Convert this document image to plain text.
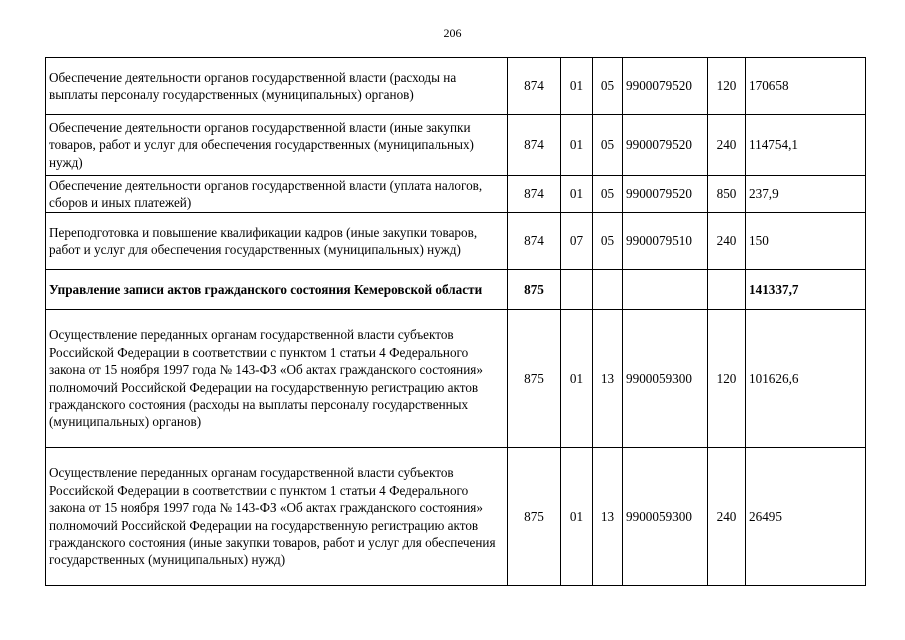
206
Обеспечение деятельности органов государственной власти (расходы на выплаты персоналу государственных (муниципальных) органов)	874	01	05	9900079520	120	170658
Обеспечение деятельности органов государственной власти (иные закупки товаров, работ и услуг для обеспечения государственных (муниципальных) нужд)	874	01	05	9900079520	240	114754,1
Обеспечение деятельности органов государственной власти (уплата налогов, сборов и иных платежей)	874	01	05	9900079520	850	237,9
Переподготовка и повышение квалификации кадров (иные закупки товаров, работ и услуг для обеспечения государственных (муниципальных) нужд)	874	07	05	9900079510	240	150
Управление записи актов гражданского состояния Кемеровской области	875					141337,7
Осуществление переданных органам государственной власти субъектов Российской Федерации в соответствии с пунктом 1 статьи 4 Федерального закона от 15 ноября 1997 года № 143-ФЗ «Об актах гражданского состояния» полномочий Российской Федерации на государственную регистрацию актов гражданского состояния (расходы на выплаты персоналу государственных (муниципальных) органов)	875	01	13	9900059300	120	101626,6
Осуществление переданных органам государственной власти субъектов Российской Федерации в соответствии с пунктом 1 статьи 4 Федерального закона от 15 ноября 1997 года № 143-ФЗ «Об актах гражданского состояния» полномочий Российской Федерации на государственную регистрацию актов гражданского состояния (иные закупки товаров, работ и услуг для обеспечения государственных (муниципальных) нужд)	875	01	13	9900059300	240	26495
